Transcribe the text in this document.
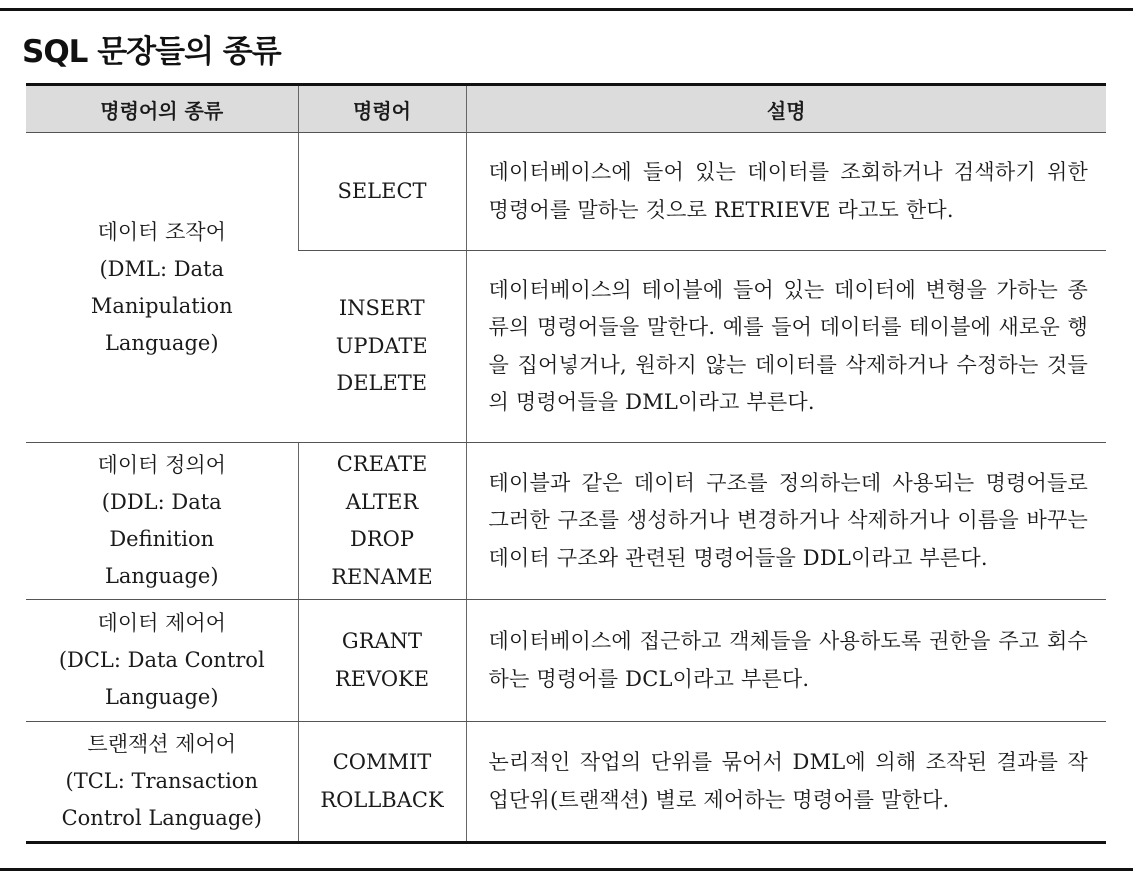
SQL 문장들의 종류
명령어의 종류	명령어	설명

데이터 조작어
(DML: Data
Manipulation
Language)	SELECT	데이터베이스에 들어 있는 데이터를 조회하거나 검색하기 위한 명령어를 말하는 것으로 RETRIEVE 라고도 한다.

	INSERT
UPDATE
DELETE	데이터베이스의 테이블에 들어 있는 데이터에 변형을 가하는 종류의 명령어들을 말한다. 예를 들어 데이터를 테이블에 새로운 행을 집어넣거나, 원하지 않는 데이터를 삭제하거나 수정하는 것들의 명령어들을 DML이라고 부른다.

데이터 정의어
(DDL: Data
Definition
Language)	CREATE
ALTER
DROP
RENAME	테이블과 같은 데이터 구조를 정의하는데 사용되는 명령어들로 그러한 구조를 생성하거나 변경하거나 삭제하거나 이름을 바꾸는 데이터 구조와 관련된 명령어들을 DDL이라고 부른다.

데이터 제어어
(DCL: Data Control
Language)	GRANT
REVOKE	데이터베이스에 접근하고 객체들을 사용하도록 권한을 주고 회수하는 명령어를 DCL이라고 부른다.

트랜잭션 제어어
(TCL: Transaction
Control Language)	COMMIT
ROLLBACK	논리적인 작업의 단위를 묶어서 DML에 의해 조작된 결과를 작업단위(트랜잭션) 별로 제어하는 명령어를 말한다.
